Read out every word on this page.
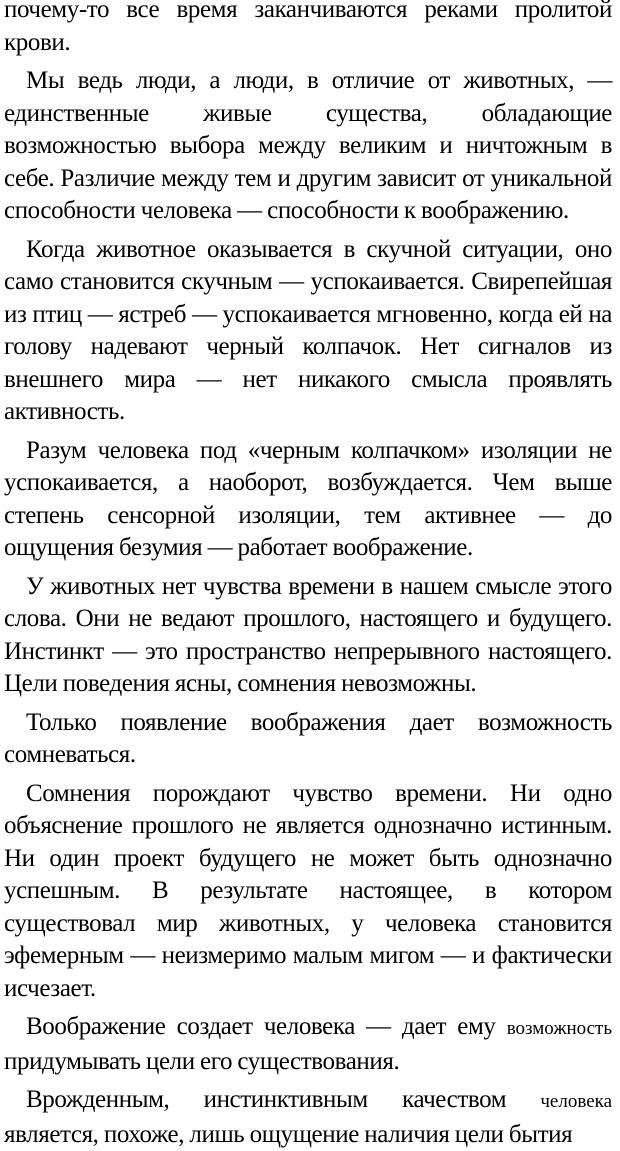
почему-то все время заканчиваются реками пролитой крови.

Мы ведь люди, а люди, в отличие от животных, — единственные живые существа, обладающие возможностью выбора между великим и ничтожным в себе. Различие между тем и другим зависит от уникальной способности человека — способности к воображению.

Когда животное оказывается в скучной ситуации, оно само становится скучным — успокаивается. Свирепейшая из птиц — ястреб — успокаивается мгновенно, когда ей на голову надевают черный колпачок. Нет сигналов из внешнего мира — нет никакого смысла проявлять активность.

Разум человека под «черным колпачком» изоляции не успокаивается, а наоборот, возбуждается. Чем выше степень сенсорной изоляции, тем активнее — до ощущения безумия — работает воображение.

У животных нет чувства времени в нашем смысле этого слова. Они не ведают прошлого, настоящего и будущего. Инстинкт — это пространство непрерывного настоящего. Цели поведения ясны, сомнения невозможны.

Только появление воображения дает возможность сомневаться.

Сомнения порождают чувство времени. Ни одно объяснение прошлого не является однозначно истинным. Ни один проект будущего не может быть однозначно успешным. В результате настоящее, в котором существовал мир животных, у человека становится эфемерным — неизмеримо малым мигом — и фактически исчезает.

Воображение создает человека — дает ему возможность придумывать цели его существования.

Врожденным, инстинктивным качеством человека является, похоже, лишь ощущение наличия цели бытия
